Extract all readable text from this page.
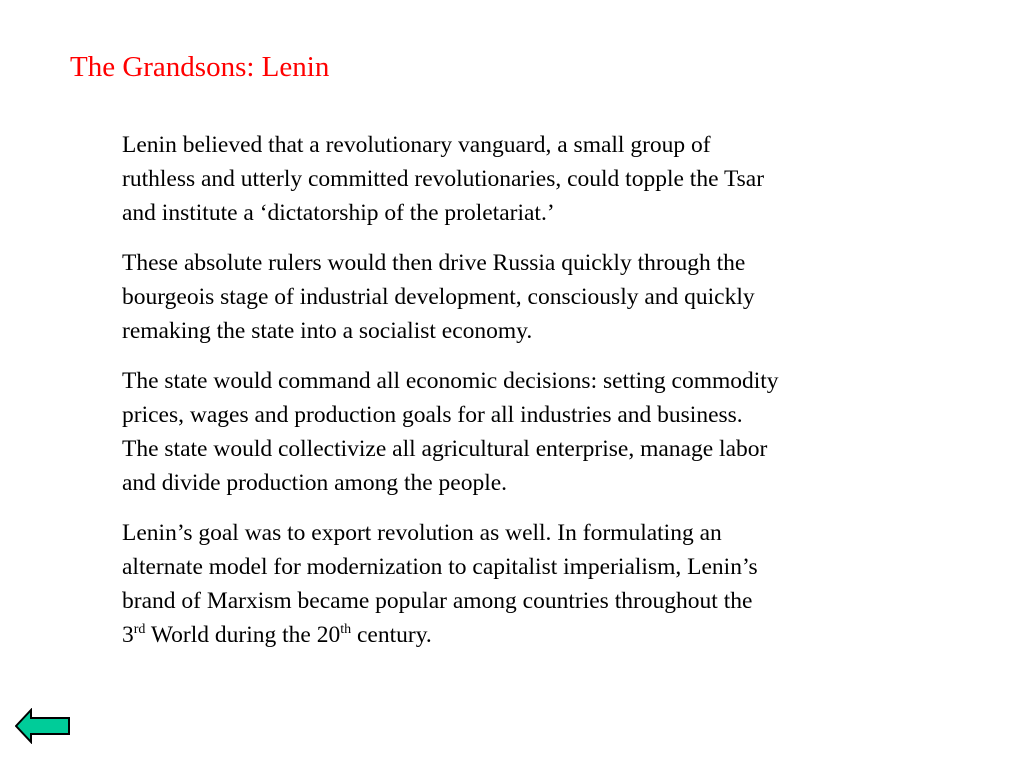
The Grandsons: Lenin

Lenin believed that a revolutionary vanguard, a small group of
ruthless and utterly committed revolutionaries, could topple the Tsar
and institute a ‘dictatorship of the proletariat.’

These absolute rulers would then drive Russia quickly through the
bourgeois stage of industrial development, consciously and quickly
remaking the state into a socialist economy.

The state would command all economic decisions: setting commodity
prices, wages and production goals for all industries and business.
The state would collectivize all agricultural enterprise, manage labor
and divide production among the people.

Lenin’s goal was to export revolution as well. In formulating an
alternate model for modernization to capitalist imperialism, Lenin’s
brand of Marxism became popular among countries throughout the
3rd World during the 20th century.
